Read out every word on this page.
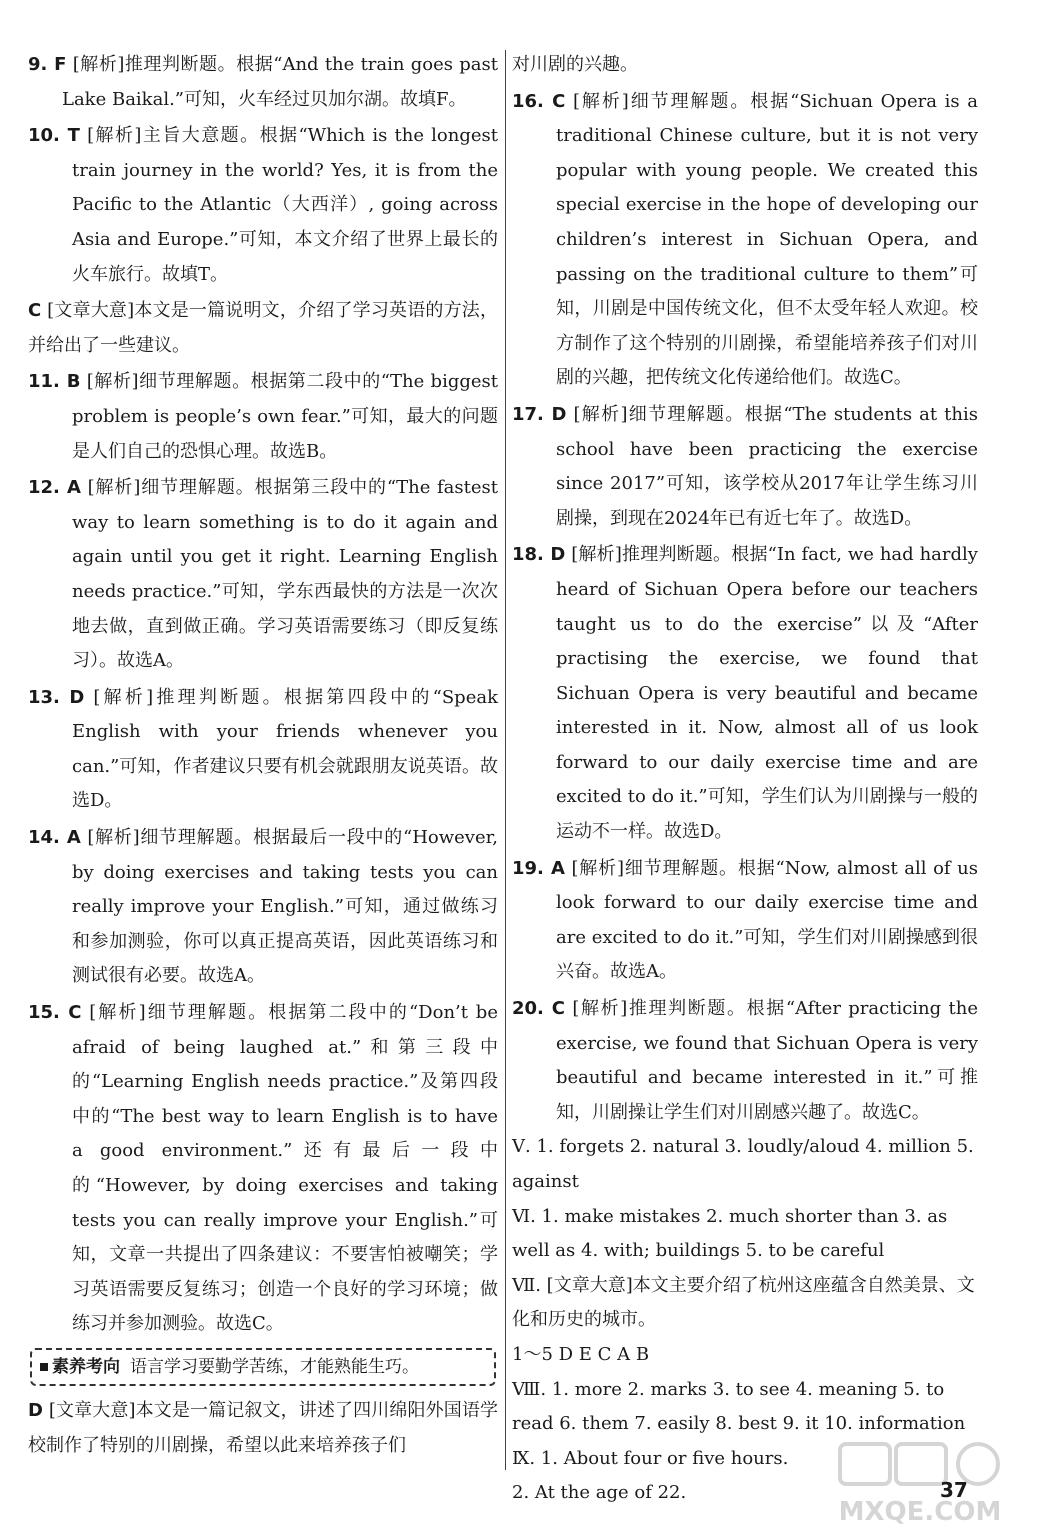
9. F [解析]推理判断题。根据“And the train goes past Lake Baikal.”可知，火车经过贝加尔湖。故填F。
10. T [解析]主旨大意题。根据“Which is the longest train journey in the world? Yes, it is from the Pacific to the Atlantic（大西洋）, going across Asia and Europe.”可知，本文介绍了世界上最长的火车旅行。故填T。
C [文章大意]本文是一篇说明文，介绍了学习英语的方法，并给出了一些建议。
11. B [解析]细节理解题。根据第二段中的“The biggest problem is people’s own fear.”可知，最大的问题是人们自己的恐惧心理。故选B。
12. A [解析]细节理解题。根据第三段中的“The fastest way to learn something is to do it again and again until you get it right. Learning English needs practice.”可知，学东西最快的方法是一次次地去做，直到做正确。学习英语需要练习（即反复练习）。故选A。
13. D [解析]推理判断题。根据第四段中的“Speak English with your friends whenever you can.”可知，作者建议只要有机会就跟朋友说英语。故选D。
14. A [解析]细节理解题。根据最后一段中的“However, by doing exercises and taking tests you can really improve your English.”可知，通过做练习和参加测验，你可以真正提高英语，因此英语练习和测试很有必要。故选A。
15. C [解析]细节理解题。根据第二段中的“Don’t be afraid of being laughed at.”和第三段中的“Learning English needs practice.”及第四段中的“The best way to learn English is to have a good environment.”还有最后一段中的“However, by doing exercises and taking tests you can really improve your English.”可知，文章一共提出了四条建议：不要害怕被嘲笑；学习英语需要反复练习；创造一个良好的学习环境；做练习并参加测验。故选C。
素养考向 语言学习要勤学苦练，才能熟能生巧。
D [文章大意]本文是一篇记叙文，讲述了四川绵阳外国语学校制作了特别的川剧操，希望以此来培养孩子们
对川剧的兴趣。
16. C [解析]细节理解题。根据“Sichuan Opera is a traditional Chinese culture, but it is not very popular with young people. We created this special exercise in the hope of developing our children’s interest in Sichuan Opera, and passing on the traditional culture to them”可知，川剧是中国传统文化，但不太受年轻人欢迎。校方制作了这个特别的川剧操，希望能培养孩子们对川剧的兴趣，把传统文化传递给他们。故选C。
17. D [解析]细节理解题。根据“The students at this school have been practicing the exercise since 2017”可知，该学校从2017年让学生练习川剧操，到现在2024年已有近七年了。故选D。
18. D [解析]推理判断题。根据“In fact, we had hardly heard of Sichuan Opera before our teachers taught us to do the exercise”以及“After practising the exercise, we found that Sichuan Opera is very beautiful and became interested in it. Now, almost all of us look forward to our daily exercise time and are excited to do it.”可知，学生们认为川剧操与一般的运动不一样。故选D。
19. A [解析]细节理解题。根据“Now, almost all of us look forward to our daily exercise time and are excited to do it.”可知，学生们对川剧操感到很兴奋。故选A。
20. C [解析]推理判断题。根据“After practicing the exercise, we found that Sichuan Opera is very beautiful and became interested in it.”可推知，川剧操让学生们对川剧感兴趣了。故选C。
Ⅴ. 1. forgets 2. natural 3. loudly/aloud 4. million 5. against
Ⅵ. 1. make mistakes 2. much shorter than 3. as well as 4. with; buildings 5. to be careful
Ⅶ. [文章大意]本文主要介绍了杭州这座蕴含自然美景、文化和历史的城市。
1～5 D E C A B
Ⅷ. 1. more 2. marks 3. to see 4. meaning 5. to read 6. them 7. easily 8. best 9. it 10. information
Ⅸ. 1. About four or five hours.
2. At the age of 22.
MXQE.COM
37
